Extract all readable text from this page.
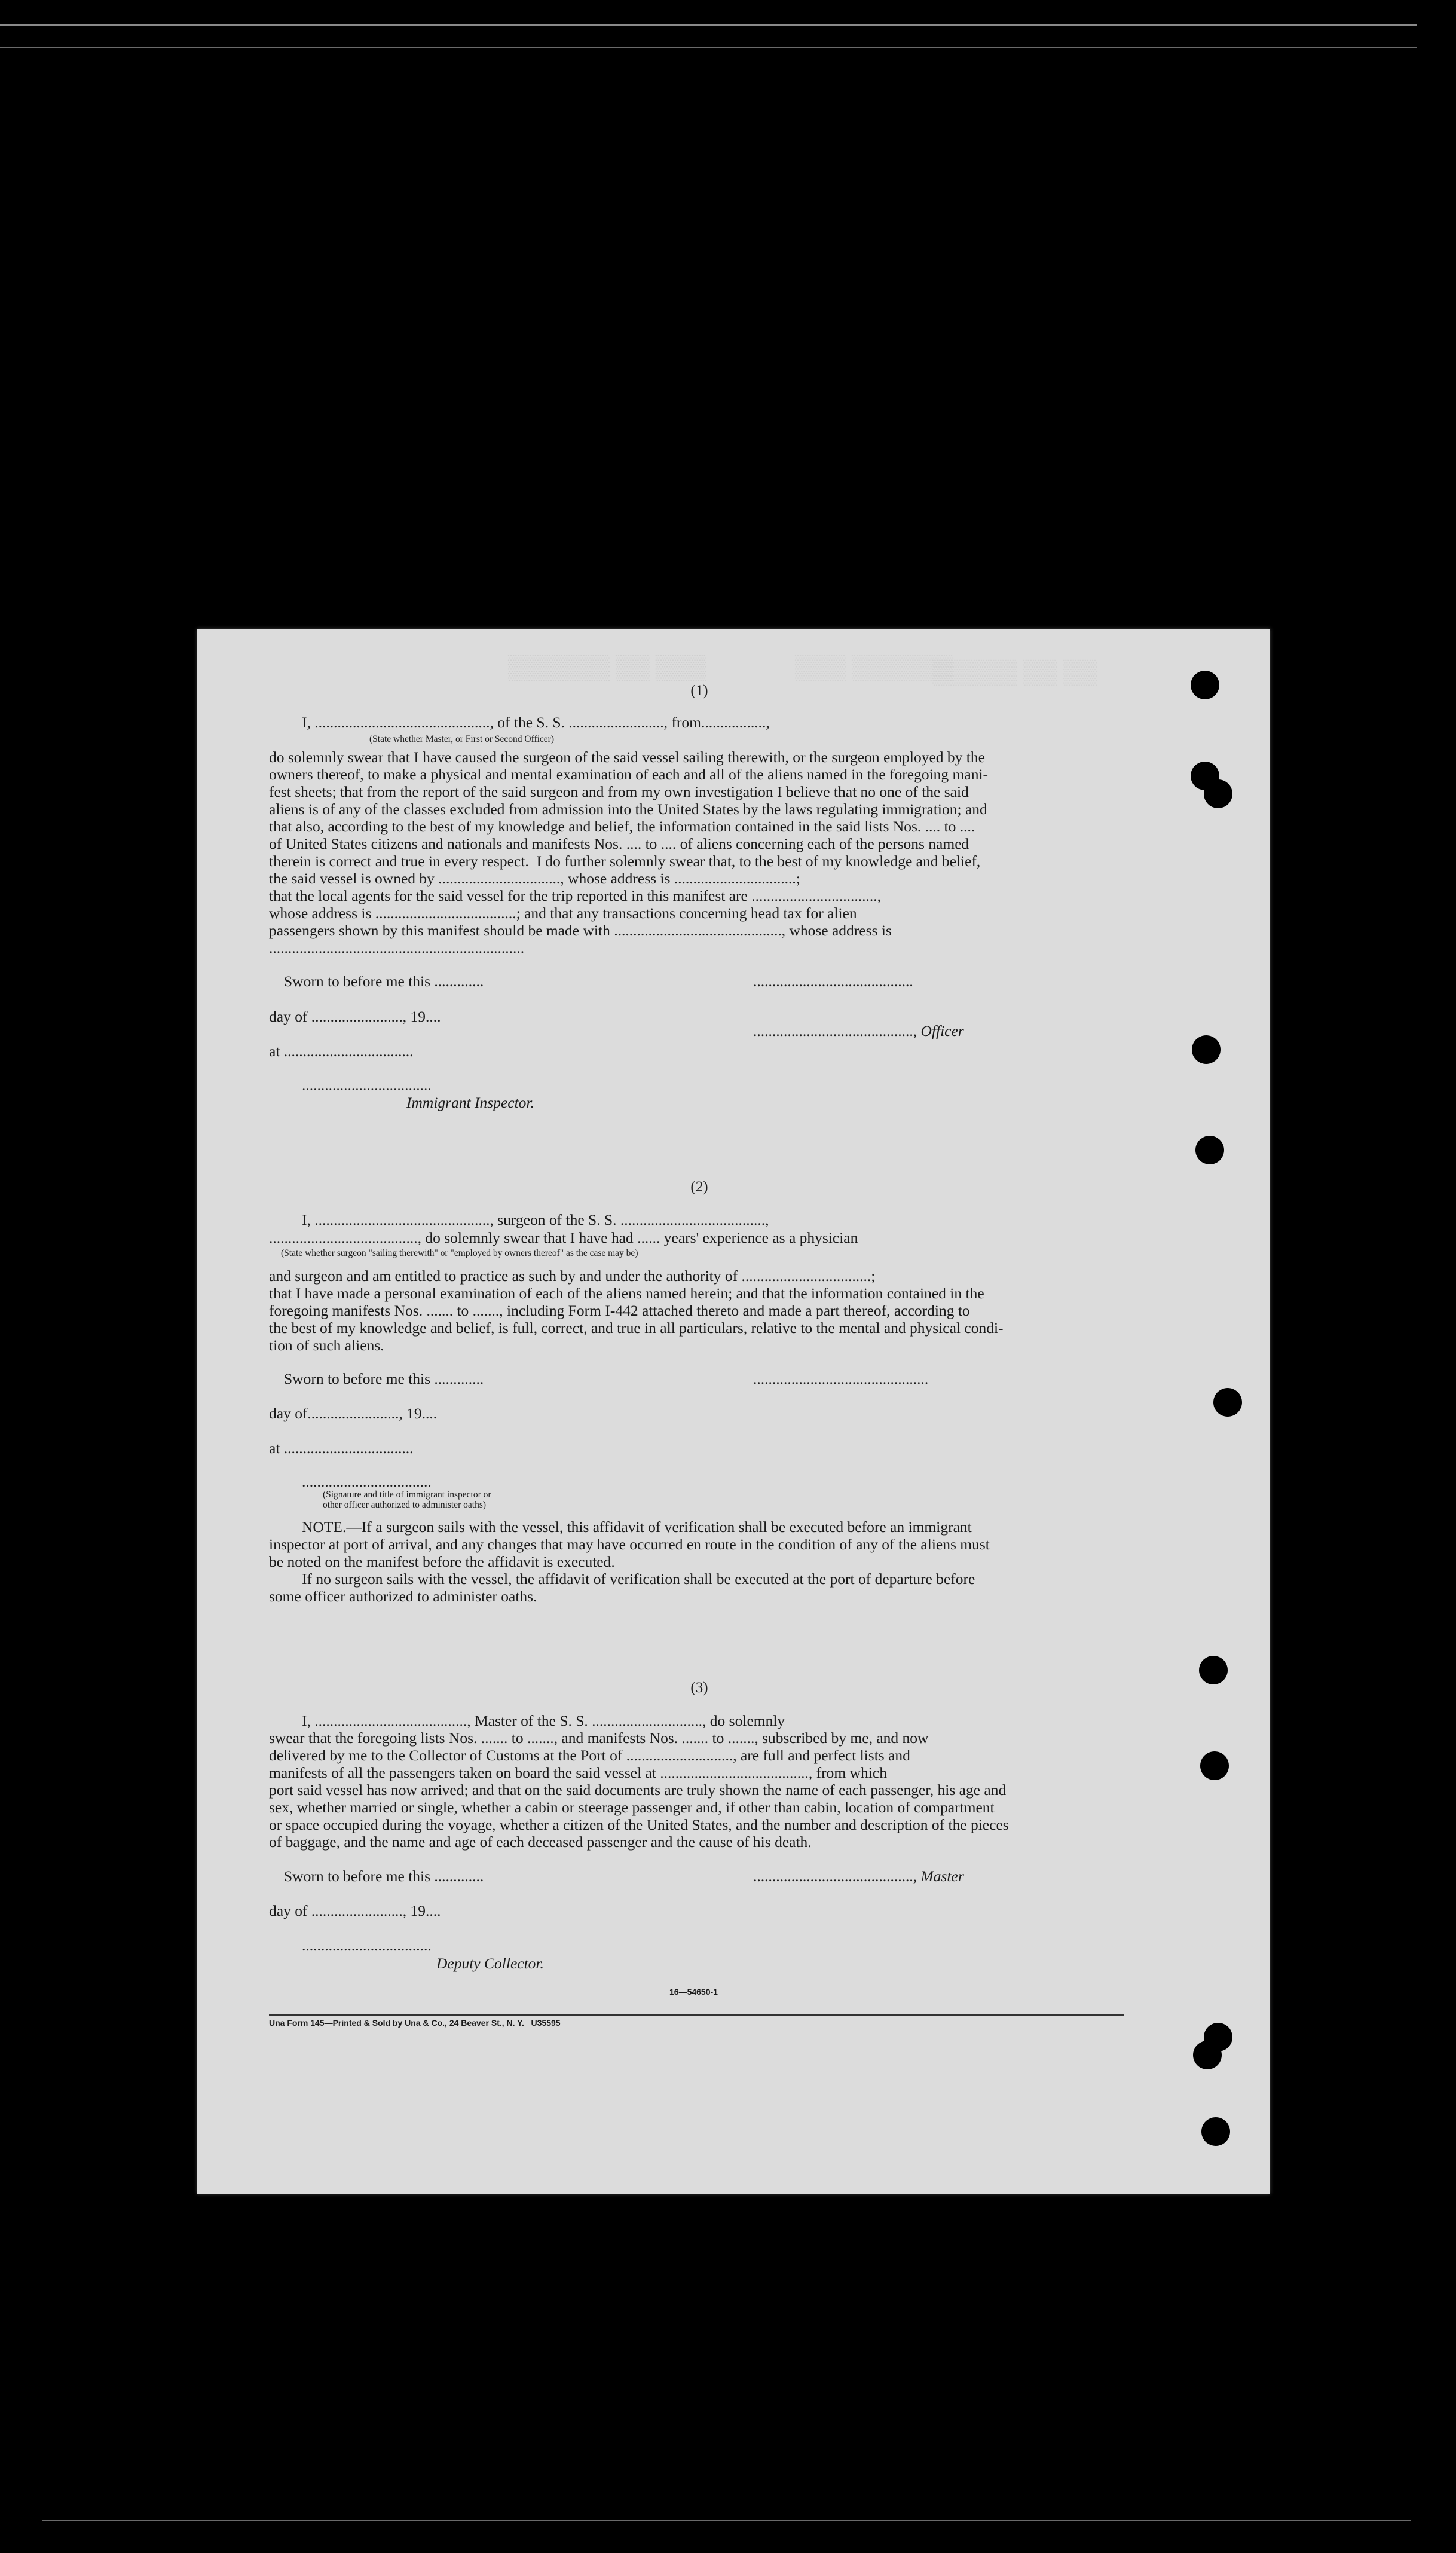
▒▒▒ ▒▒ ▒▒▒▒▒▒	▒▒▒▒▒▒ ▒▒▒
▒▒ ▒▒ ▒▒▒▒▒
(1)
I, .............................................., of the S. S. ........................., from.................,
(State whether Master, or First or Second Officer)
do solemnly swear that I have caused the surgeon of the said vessel sailing therewith, or the surgeon employed by the
owners thereof, to make a physical and mental examination of each and all of the aliens named in the foregoing mani-
fest sheets; that from the report of the said surgeon and from my own investigation I believe that no one of the said
aliens is of any of the classes excluded from admission into the United States by the laws regulating immigration; and
that also, according to the best of my knowledge and belief, the information contained in the said lists Nos. .... to ....
of United States citizens and nationals and manifests Nos. .... to .... of aliens concerning each of the persons named
therein is correct and true in every respect.  I do further solemnly swear that, to the best of my knowledge and belief,
the said vessel is owned by ................................, whose address is ................................;
that the local agents for the said vessel for the trip reported in this manifest are .................................,
whose address is .....................................; and that any transactions concerning head tax for alien
passengers shown by this manifest should be made with ............................................, whose address is
...................................................................
Sworn to before me this .............
day of ........................, 19....
at ..................................
..................................
Immigrant Inspector.
..........................................
.........................................., Officer
(2)
I, .............................................., surgeon of the S. S. ......................................,
......................................., do solemnly swear that I have had ...... years' experience as a physician
(State whether surgeon "sailing therewith" or "employed by owners thereof" as the case may be)
and surgeon and am entitled to practice as such by and under the authority of ..................................;
that I have made a personal examination of each of the aliens named herein; and that the information contained in the
foregoing manifests Nos. ....... to ......., including Form I-442 attached thereto and made a part thereof, according to
the best of my knowledge and belief, is full, correct, and true in all particulars, relative to the mental and physical condi-
tion of such aliens.
Sworn to before me this .............	..............................................
day of........................, 19....
at ..................................
..................................
(Signature and title of immigrant inspector or
other officer authorized to administer oaths)
NOTE.—If a surgeon sails with the vessel, this affidavit of verification shall be executed before an immigrant
inspector at port of arrival, and any changes that may have occurred en route in the condition of any of the aliens must
be noted on the manifest before the affidavit is executed.
If no surgeon sails with the vessel, the affidavit of verification shall be executed at the port of departure before
some officer authorized to administer oaths.
(3)
I, ........................................, Master of the S. S. ............................., do solemnly
swear that the foregoing lists Nos. ....... to ......., and manifests Nos. ....... to ......., subscribed by me, and now
delivered by me to the Collector of Customs at the Port of ............................, are full and perfect lists and
manifests of all the passengers taken on board the said vessel at ......................................., from which
port said vessel has now arrived; and that on the said documents are truly shown the name of each passenger, his age and
sex, whether married or single, whether a cabin or steerage passenger and, if other than cabin, location of compartment
or space occupied during the voyage, whether a citizen of the United States, and the number and description of the pieces
of baggage, and the name and age of each deceased passenger and the cause of his death.
Sworn to before me this .............	.........................................., Master
day of ........................, 19....
..................................
Deputy Collector.
16—54650-1
Una Form 145—Printed & Sold by Una & Co., 24 Beaver St., N. Y.   U35595
